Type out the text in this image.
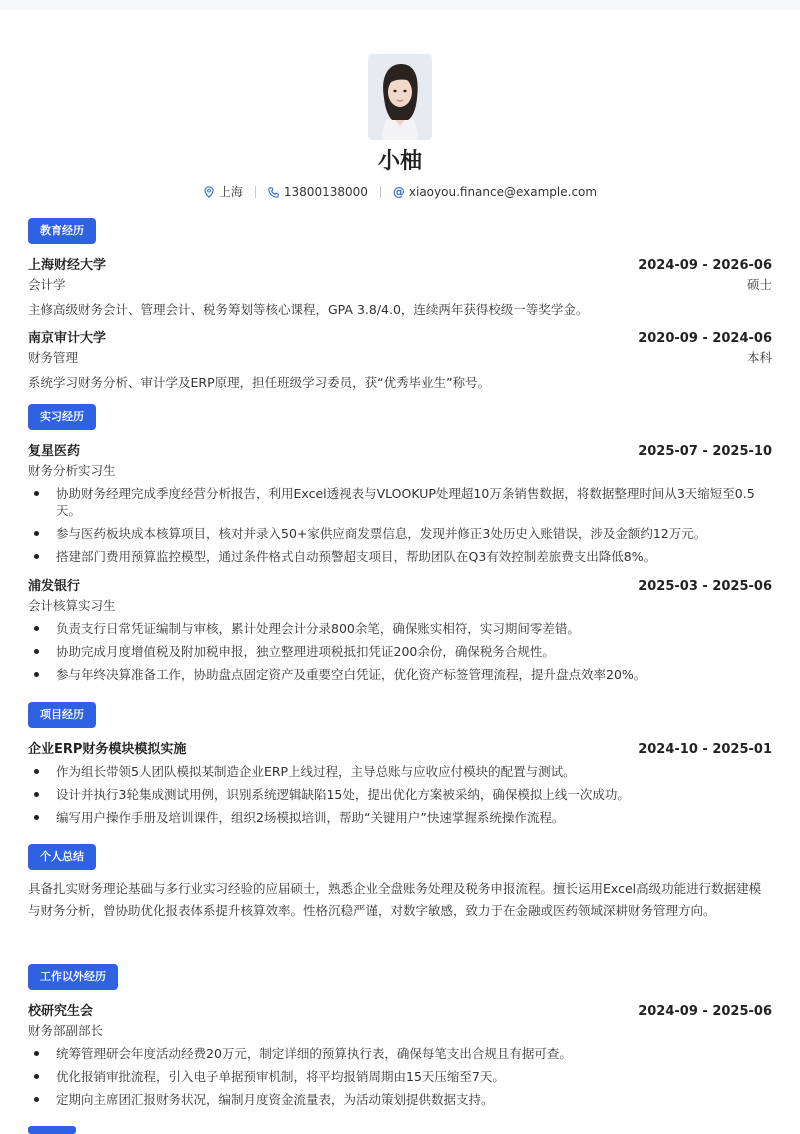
小柚
上海	13800138000 @ xiaoyou.finance@example.com
教育经历
上海财经大学	2024-09 - 2026-06
会计学	硕士
主修高级财务会计、管理会计、税务筹划等核心课程，GPA 3.8/4.0，连续两年获得校级一等奖学金。
南京审计大学	2020-09 - 2024-06
财务管理	本科
系统学习财务分析、审计学及ERP原理，担任班级学习委员，获“优秀毕业生”称号。
实习经历
复星医药	2025-07 - 2025-10
财务分析实习生
协助财务经理完成季度经营分析报告，利用Excel透视表与VLOOKUP处理超10万条销售数据，将数据整理时间从3天缩短至0.5天。
参与医药板块成本核算项目，核对并录入50+家供应商发票信息，发现并修正3处历史入账错误，涉及金额约12万元。
搭建部门费用预算监控模型，通过条件格式自动预警超支项目，帮助团队在Q3有效控制差旅费支出降低8%。
浦发银行	2025-03 - 2025-06
会计核算实习生
负责支行日常凭证编制与审核，累计处理会计分录800余笔，确保账实相符，实习期间零差错。
协助完成月度增值税及附加税申报，独立整理进项税抵扣凭证200余份，确保税务合规性。
参与年终决算准备工作，协助盘点固定资产及重要空白凭证，优化资产标签管理流程，提升盘点效率20%。
项目经历
企业ERP财务模块模拟实施	2024-10 - 2025-01
作为组长带领5人团队模拟某制造企业ERP上线过程，主导总账与应收应付模块的配置与测试。
设计并执行3轮集成测试用例，识别系统逻辑缺陷15处，提出优化方案被采纳，确保模拟上线一次成功。
编写用户操作手册及培训课件，组织2场模拟培训，帮助“关键用户”快速掌握系统操作流程。
个人总结
具备扎实财务理论基础与多行业实习经验的应届硕士，熟悉企业全盘账务处理及税务申报流程。擅长运用Excel高级功能进行数据建模与财务分析，曾协助优化报表体系提升核算效率。性格沉稳严谨，对数字敏感，致力于在金融或医药领域深耕财务管理方向。
工作以外经历
校研究生会	2024-09 - 2025-06
财务部副部长
统筹管理研会年度活动经费20万元，制定详细的预算执行表，确保每笔支出合规且有据可查。
优化报销审批流程，引入电子单据预审机制，将平均报销周期由15天压缩至7天。
定期向主席团汇报财务状况，编制月度资金流量表，为活动策划提供数据支持。
